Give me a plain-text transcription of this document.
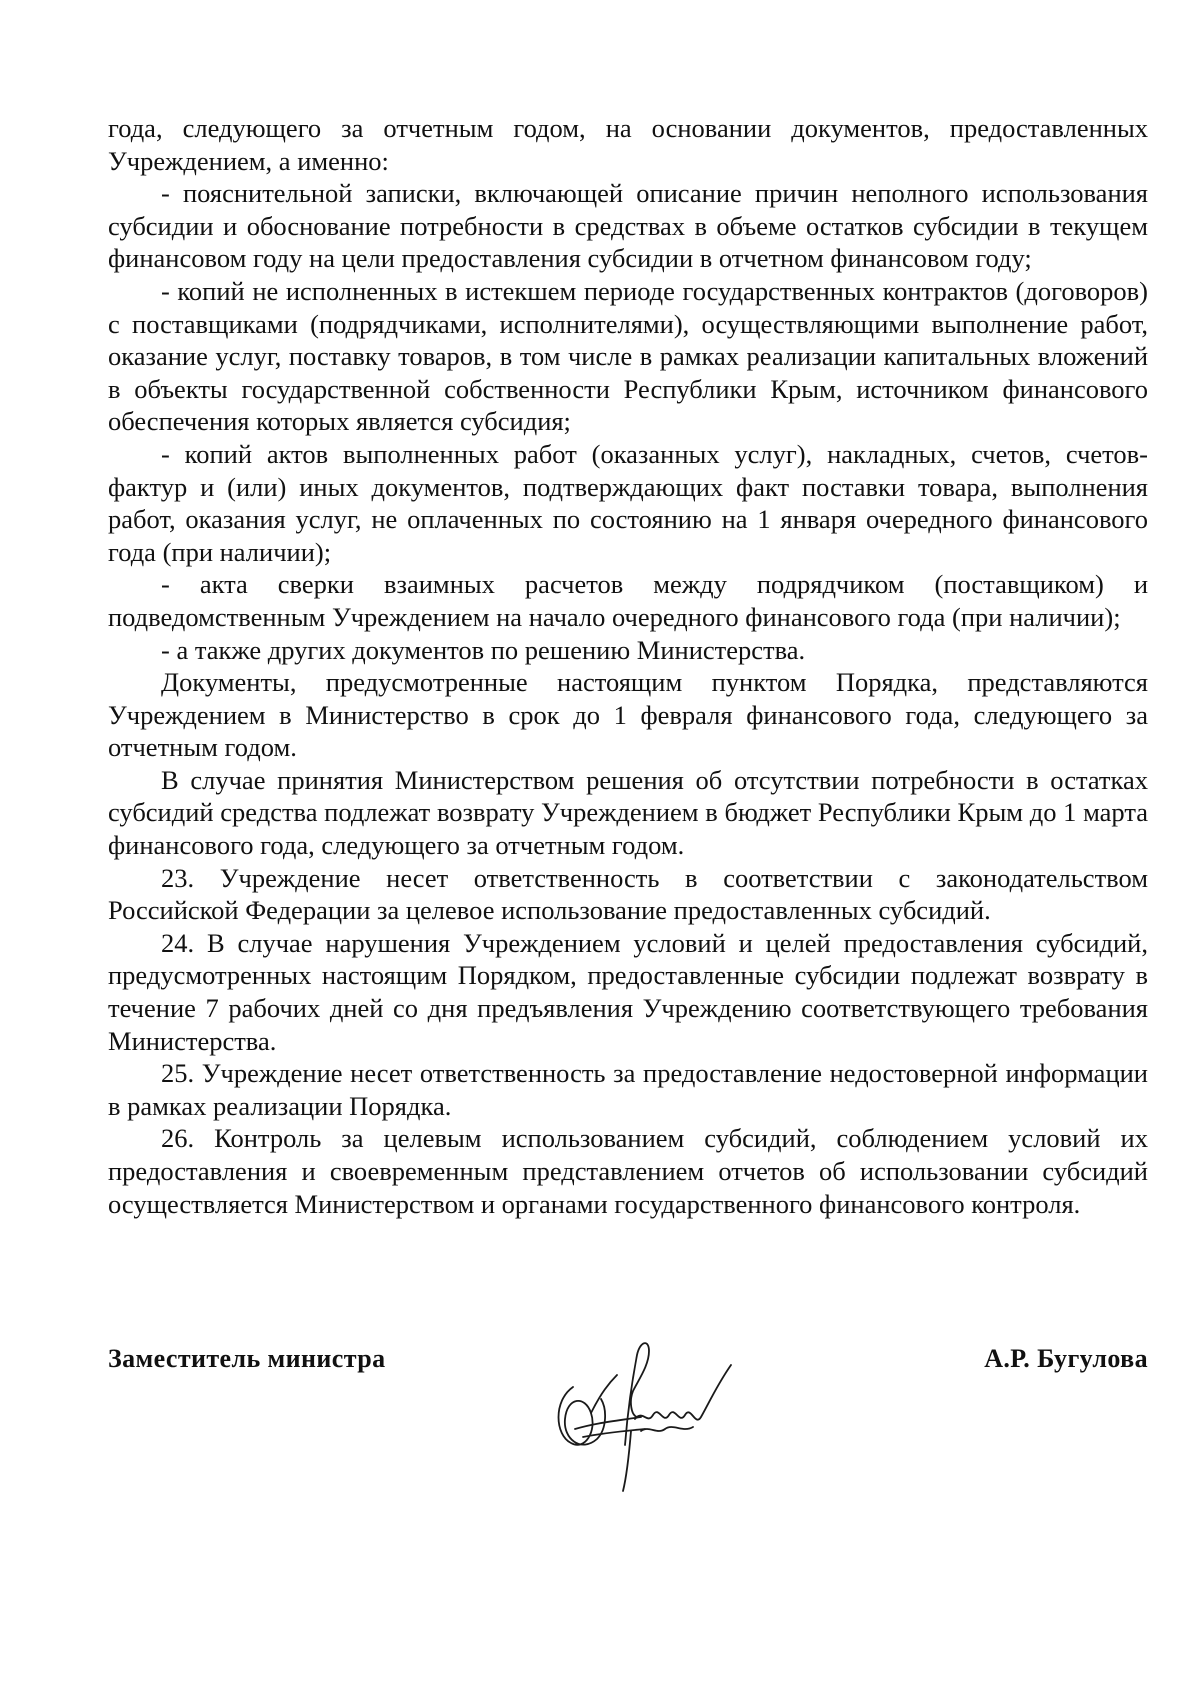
года, следующего за отчетным годом, на основании документов, предоставленных Учреждением, а именно:

- пояснительной записки, включающей описание причин неполного использования субсидии и обоснование потребности в средствах в объеме остатков субсидии в текущем финансовом году на цели предоставления субсидии в отчетном финансовом году;

- копий не исполненных в истекшем периоде государственных контрактов (договоров) с поставщиками (подрядчиками, исполнителями), осуществляющими выполнение работ, оказание услуг, поставку товаров, в том числе в рамках реализации капитальных вложений в объекты государственной собственности Республики Крым, источником финансового обеспечения которых является субсидия;

- копий актов выполненных работ (оказанных услуг), накладных, счетов, счетов-фактур и (или) иных документов, подтверждающих факт поставки товара, выполнения работ, оказания услуг, не оплаченных по состоянию на 1 января очередного финансового года (при наличии);

- акта сверки взаимных расчетов между подрядчиком (поставщиком) и подведомственным Учреждением на начало очередного финансового года (при наличии);

- а также других документов по решению Министерства.

Документы, предусмотренные настоящим пунктом Порядка, представляются Учреждением в Министерство в срок до 1 февраля финансового года, следующего за отчетным годом.

В случае принятия Министерством решения об отсутствии потребности в остатках субсидий средства подлежат возврату Учреждением в бюджет Республики Крым до 1 марта финансового года, следующего за отчетным годом.

23. Учреждение несет ответственность в соответствии с законодательством Российской Федерации за целевое использование предоставленных субсидий.

24. В случае нарушения Учреждением условий и целей предоставления субсидий, предусмотренных настоящим Порядком, предоставленные субсидии подлежат возврату в течение 7 рабочих дней со дня предъявления Учреждению соответствующего требования Министерства.

25. Учреждение несет ответственность за предоставление недостоверной информации в рамках реализации Порядка.

26. Контроль за целевым использованием субсидий, соблюдением условий их предоставления и своевременным представлением отчетов об использовании субсидий осуществляется Министерством и органами государственного финансового контроля.

Заместитель министра	А.Р. Бугулова
